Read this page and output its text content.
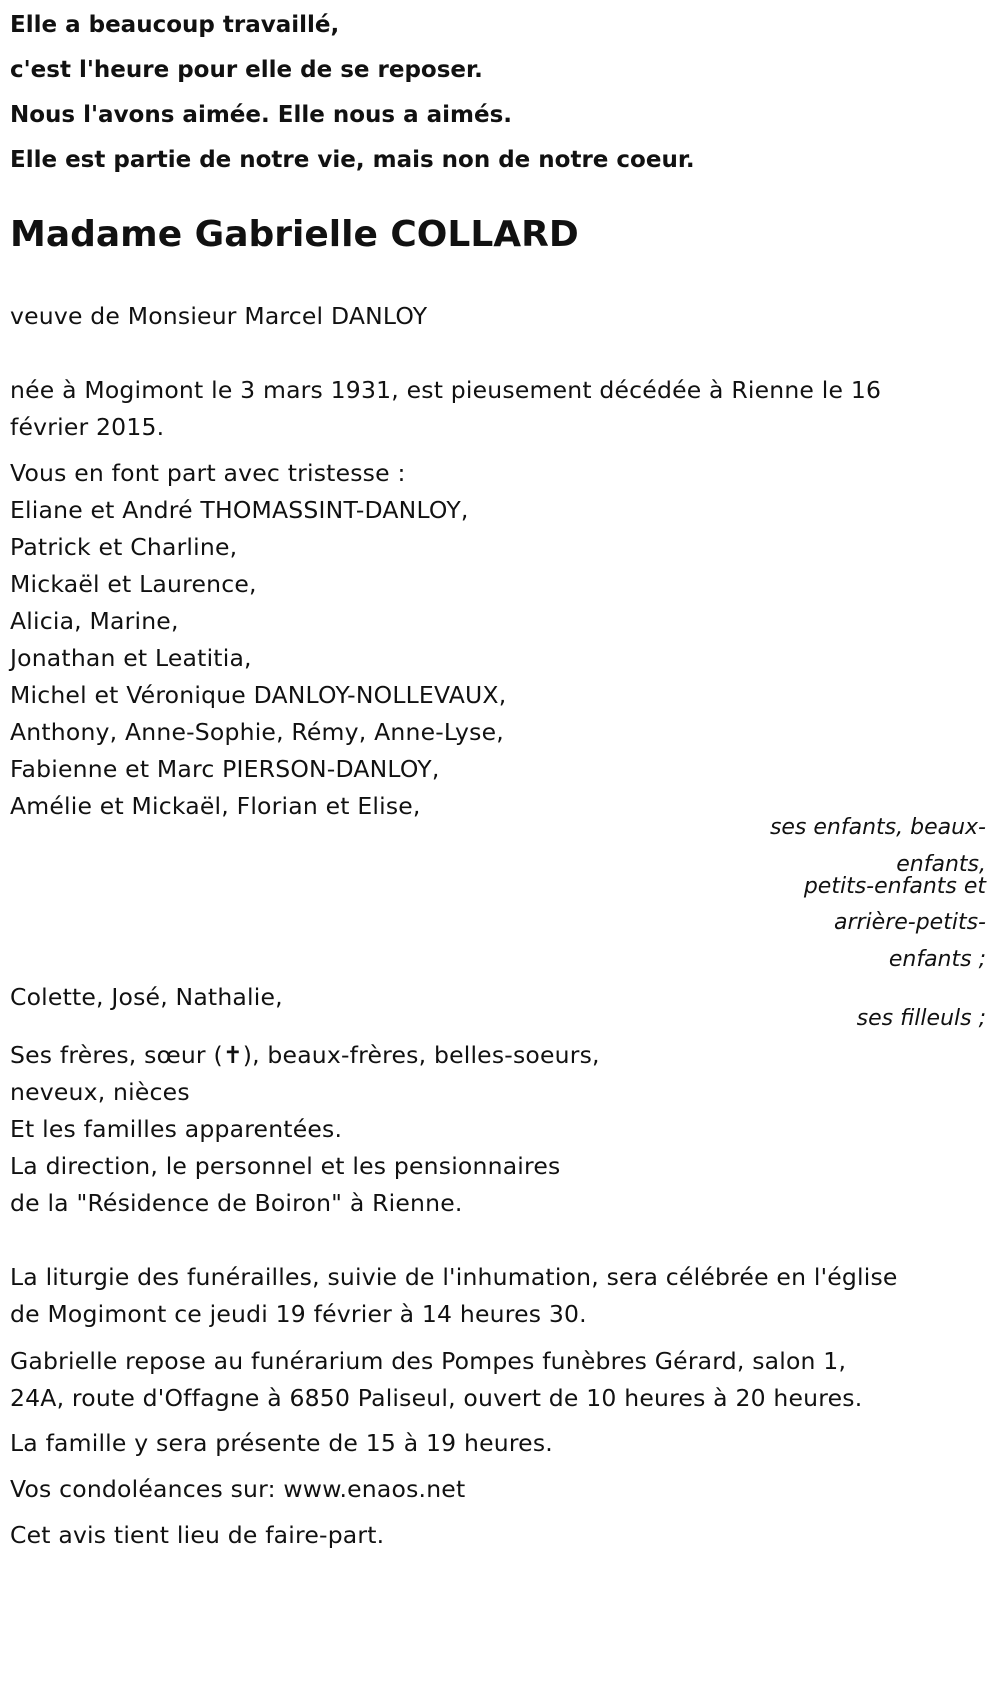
Elle a beaucoup travaillé,
c'est l'heure pour elle de se reposer.
Nous l'avons aimée. Elle nous a aimés.
Elle est partie de notre vie, mais non de notre coeur.
Madame Gabrielle COLLARD
veuve de Monsieur Marcel DANLOY
née à Mogimont le 3 mars 1931, est pieusement décédée à Rienne le 16
février 2015.
Vous en font part avec tristesse :
Eliane et André THOMASSINT-DANLOY,
Patrick et Charline,
Mickaël et Laurence,
Alicia, Marine,
Jonathan et Leatitia,
Michel et Véronique DANLOY-NOLLEVAUX,
Anthony, Anne-Sophie, Rémy, Anne-Lyse,
Fabienne et Marc PIERSON-DANLOY,
Amélie et Mickaël, Florian et Elise,
ses enfants, beaux-
enfants,
petits-enfants et
arrière-petits-
enfants ;
Colette, José, Nathalie,
ses filleuls ;
Ses frères, sœur (✝), beaux-frères, belles-soeurs,
neveux, nièces
Et les familles apparentées.
La direction, le personnel et les pensionnaires
de la "Résidence de Boiron" à Rienne.
La liturgie des funérailles, suivie de l'inhumation, sera célébrée en l'église
de Mogimont ce jeudi 19 février à 14 heures 30.
Gabrielle repose au funérarium des Pompes funèbres Gérard, salon 1,
24A, route d'Offagne à 6850 Paliseul, ouvert de 10 heures à 20 heures.
La famille y sera présente de 15 à 19 heures.
Vos condoléances sur: www.enaos.net
Cet avis tient lieu de faire-part.
